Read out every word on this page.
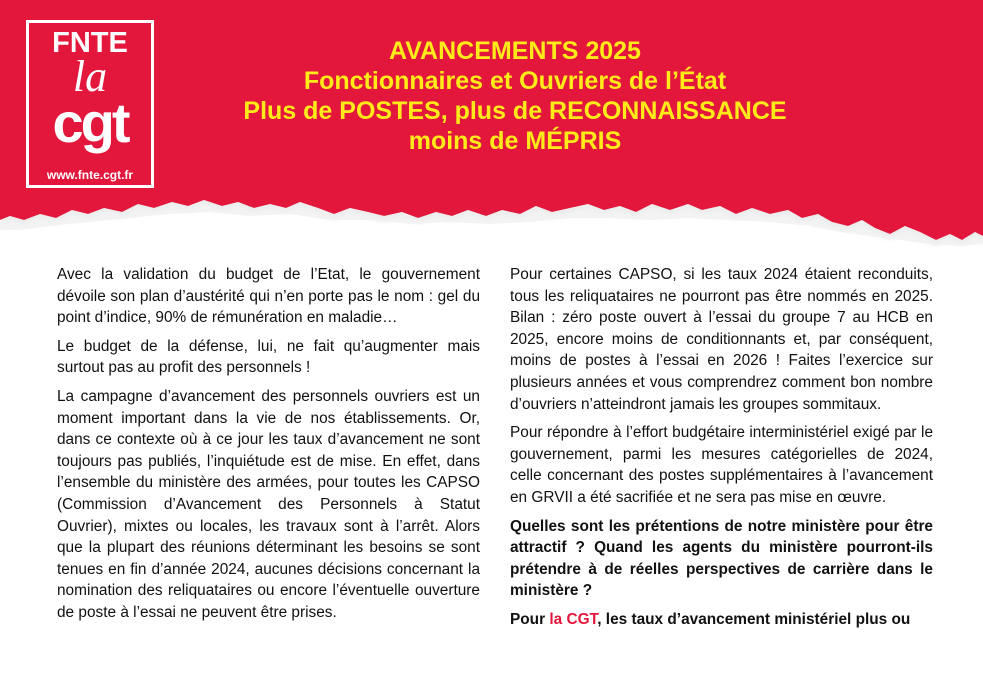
FNTE
la
cgt
www.fnte.cgt.fr
AVANCEMENTS 2025
Fonctionnaires et Ouvriers de l’État
Plus de POSTES, plus de RECONNAISSANCE
moins de MÉPRIS

Avec la validation du budget de l’Etat, le gouvernement dévoile son plan d’austérité qui n’en porte pas le nom : gel du point d’indice, 90% de rémunération en maladie…

Le budget de la défense, lui, ne fait qu’augmenter mais surtout pas au profit des personnels !

La campagne d’avancement des personnels ouvriers est un moment important dans la vie de nos établissements. Or, dans ce contexte où à ce jour les taux d’avancement ne sont toujours pas publiés, l’inquiétude est de mise. En effet, dans l’ensemble du ministère des armées, pour toutes les CAPSO (Commission d’Avancement des Personnels à Statut Ouvrier), mixtes ou locales, les travaux sont à l’arrêt. Alors que la plupart des réunions déterminant les besoins se sont tenues en fin d’année 2024, aucunes décisions concernant la nomination des reliquataires ou encore l’éventuelle ouverture de poste à l’essai ne peuvent être prises.

Pour certaines CAPSO, si les taux 2024 étaient reconduits, tous les reliquataires ne pourront pas être nommés en 2025. Bilan : zéro poste ouvert à l’essai du groupe 7 au HCB en 2025, encore moins de conditionnants et, par conséquent, moins de postes à l’essai en 2026 ! Faites l’exercice sur plusieurs années et vous comprendrez comment bon nombre d’ouvriers n’atteindront jamais les groupes sommitaux.

Pour répondre à l’effort budgétaire interministériel exigé par le gouvernement, parmi les mesures catégorielles de 2024, celle concernant des postes supplémentaires à l’avancement en GRVII a été sacrifiée et ne sera pas mise en œuvre.

Quelles sont les prétentions de notre ministère pour être attractif ? Quand les agents du ministère pourront-ils prétendre à de réelles perspectives de carrière dans le ministère ?

Pour la CGT, les taux d’avancement ministériel plus ou
